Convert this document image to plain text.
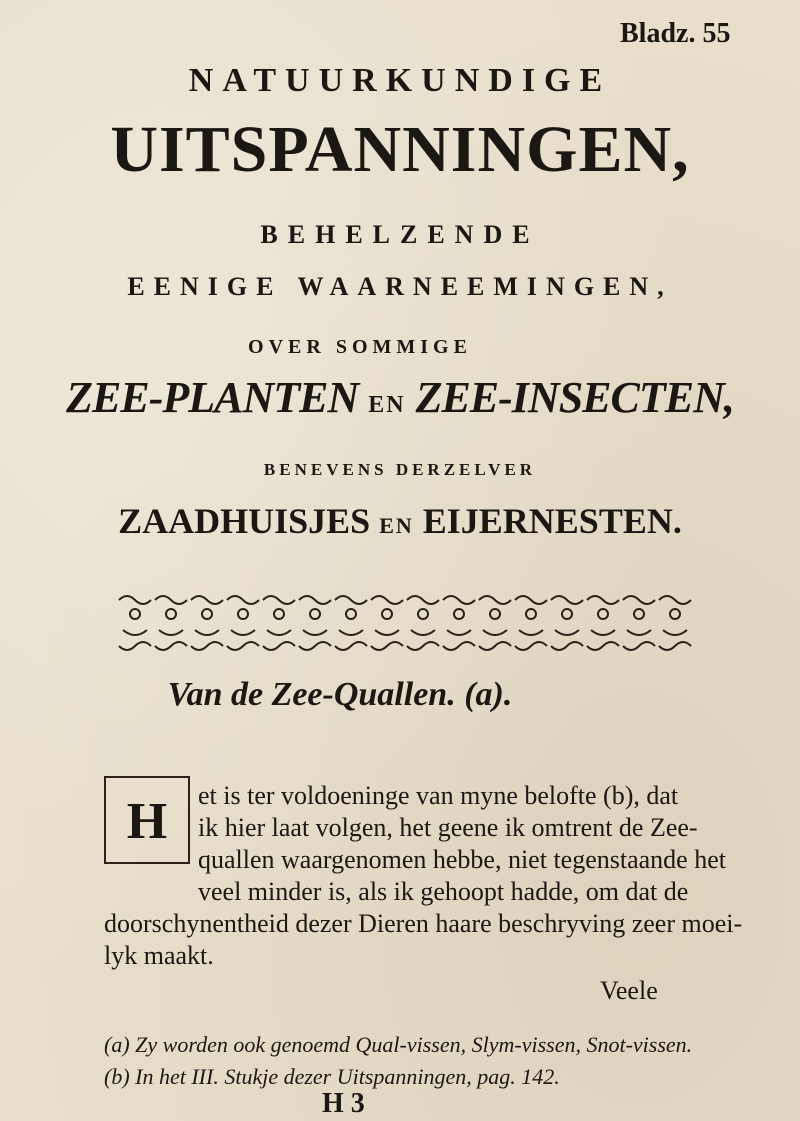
Bladz. 55
NATUURKUNDIGE
UITSPANNINGEN,
BEHELZENDE
EENIGE WAARNEEMINGEN,
OVER SOMMIGE
ZEE-PLANTEN EN ZEE-INSECTEN,
BENEVENS DERZELVER
ZAADHUISJES EN EIJERNESTEN.
Van de Zee-Quallen. (a).
H	et is ter voldoeninge van myne belofte (b), dat
ik hier laat volgen, het geene ik omtrent de Zee-
quallen waargenomen hebbe, niet tegenstaande het
veel minder is, als ik gehoopt hadde, om dat de
doorschynentheid dezer Dieren haare beschryving zeer moei-
lyk maakt.
Veele
(a) Zy worden ook genoemd Qual-vissen, Slym-vissen, Snot-vissen.
(b) In het III. Stukje dezer Uitspanningen, pag. 142.
H 3
